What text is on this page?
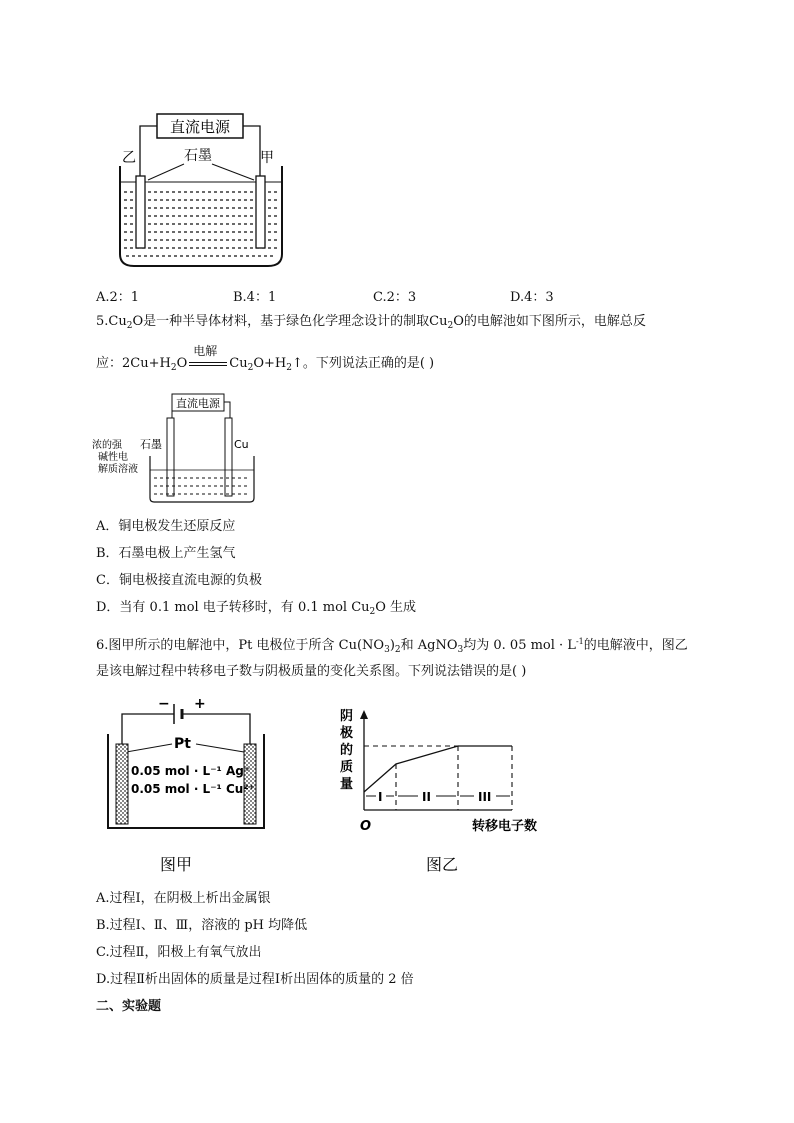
直流电源
石墨
乙	甲
A.2：1	B.4：1	C.2：3	D.4：3
$5.Cu_2O$是一种半导体材料，基于绿色化学理念设计的制取$Cu_2O$的电解池如下图所示，电解总反
应：$2Cu+H_2O$
电解
$Cu_2O+H_2↑$。下列说法正确的是( )
直流电源
浓的强
碱性电
解质溶液
石墨	Cu
A．铜电极发生还原反应
B．石墨电极上产生氢气
C．铜电极接直流电源的负极
D．当有 0.1 mol 电子转移时，有 0.1 mol $Cu_2O$ 生成
6.图甲所示的电解池中，Pt 电极位于所含 $Cu(NO_3)_2$和 AgNO$_3$均为 0. 05 mol · $L^{-1}$的电解液中，图乙
是该电解过程中转移电子数与阴极质量的变化关系图。下列说法错误的是( )
− +
Pt
0.05 mol · L⁻¹ Ag⁺
0.05 mol · L⁻¹ Cu²⁺
图甲
阴
极
的
质
量
I	II	III
O	转移电子数
图乙
A.过程Ⅰ，在阴极上析出金属银
B.过程Ⅰ、Ⅱ、Ⅲ，溶液的 pH 均降低
C.过程Ⅱ，阳极上有氧气放出
D.过程Ⅱ析出固体的质量是过程Ⅰ析出固体的质量的 2 倍
二、实验题
